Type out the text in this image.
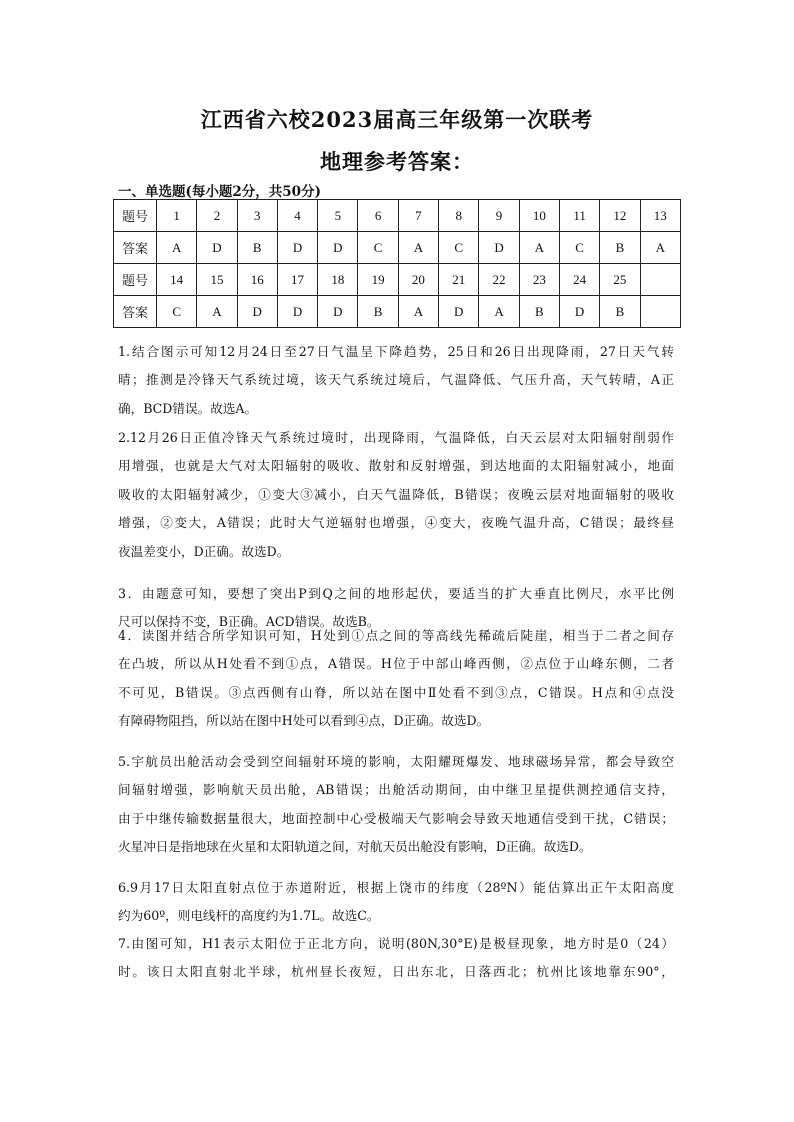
江西省六校2023届高三年级第一次联考
地理参考答案：
一、单选题(每小题2分，共50分)
题号	1	2	3	4	5	6	7	8	9	10	11	12	13
答案	A	D	B	D	D	C	A	C	D	A	C	B	A
题号	14	15	16	17	18	19	20	21	22	23	24	25	
答案	C	A	D	D	D	B	A	D	A	B	D	B	

1.结合图示可知12月24日至27日气温呈下降趋势，25日和26日出现降雨，27日天气转

晴；推测是冷锋天气系统过境，该天气系统过境后，气温降低、气压升高，天气转晴，A正

确，BCD错误。故选A。

2.12月26日正值冷锋天气系统过境时，出现降雨，气温降低，白天云层对太阳辐射削弱作

用增强，也就是大气对太阳辐射的吸收、散射和反射增强，到达地面的太阳辐射减小，地面

吸收的太阳辐射减少，①变大③减小，白天气温降低，B错误；夜晚云层对地面辐射的吸收

增强，②变大，A错误；此时大气逆辐射也增强，④变大，夜晚气温升高，C错误；最终昼

夜温差变小，D正确。故选D。

3．由题意可知，要想了突出P到Q之间的地形起伏，要适当的扩大垂直比例尺，水平比例

尺可以保持不变，B正确。ACD错误。故选B。

4．读图并结合所学知识可知，H处到①点之间的等高线先稀疏后陡崖，相当于二者之间存

在凸坡，所以从H处看不到①点，A错误。H位于中部山峰西侧，②点位于山峰东侧，二者

不可见，B错误。③点西侧有山脊，所以站在图中Ⅱ处看不到③点，C错误。H点和④点没

有障碍物阻挡，所以站在图中H处可以看到④点，D正确。故选D。

5.宇航员出舱活动会受到空间辐射环境的影响，太阳耀斑爆发、地球磁场异常，都会导致空

间辐射增强，影响航天员出舱，AB错误；出舱活动期间，由中继卫星提供测控通信支持，

由于中继传输数据量很大，地面控制中心受极端天气影响会导致天地通信受到干扰，C错误；

火星冲日是指地球在火星和太阳轨道之间，对航天员出舱没有影响，D正确。故选D。

6.9月17日太阳直射点位于赤道附近，根据上饶市的纬度（28ºN）能估算出正午太阳高度

约为60º，则电线杆的高度约为1.7L。故选C。

7.由图可知，H1表示太阳位于正北方向，说明(80N,30°E)是极昼现象，地方时是0（24）

时。该日太阳直射北半球，杭州昼长夜短，日出东北，日落西北；杭州比该地靠东90°，
